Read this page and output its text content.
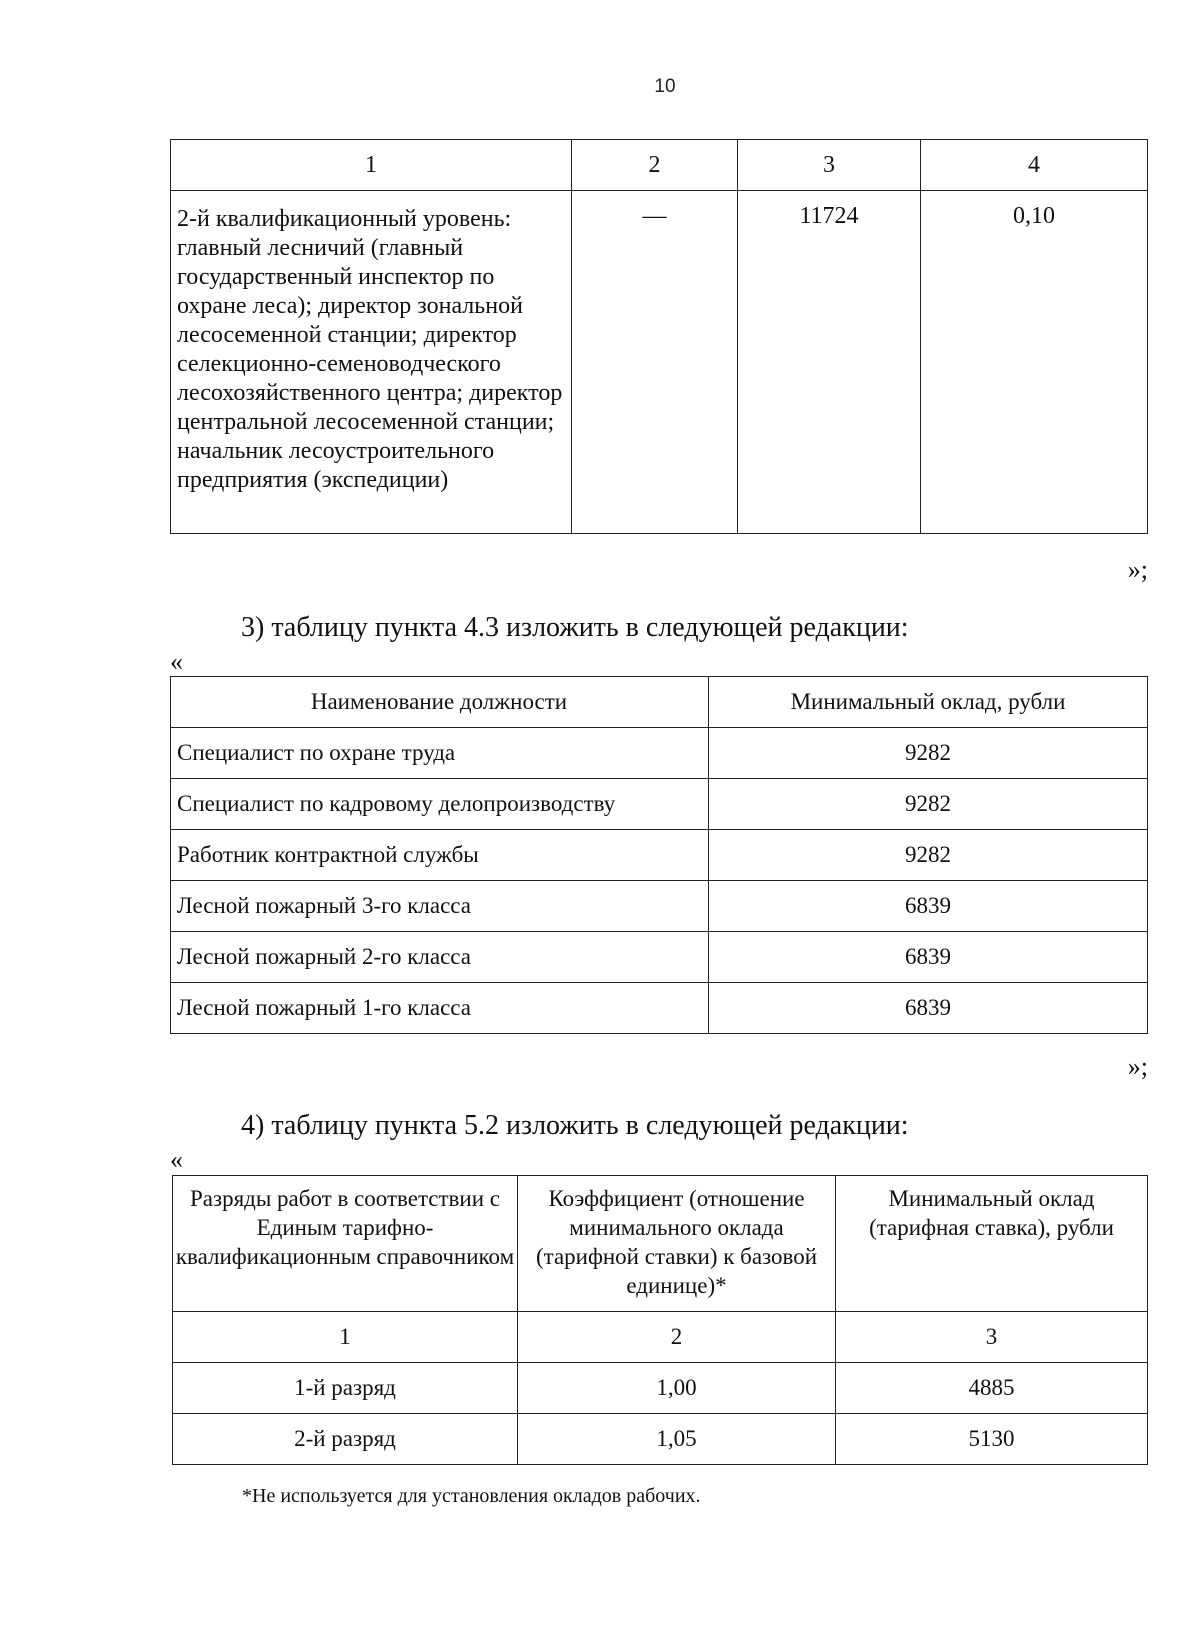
10
1	2	3	4
2-й квалификационный уровень: главный лесничий (главный государственный инспектор по охране леса); директор зональной лесосеменной станции; директор селекционно-семеноводческого лесохозяйственного центра; директор центральной лесосеменной станции; начальник лесоустроительного предприятия (экспедиции)	—	11724	0,10
»;
3) таблицу пункта 4.3 изложить в следующей редакции:
«
Наименование должности	Минимальный оклад, рубли
Специалист по охране труда	9282
Специалист по кадровому делопроизводству	9282
Работник контрактной службы	9282
Лесной пожарный 3-го класса	6839
Лесной пожарный 2-го класса	6839
Лесной пожарный 1-го класса	6839
»;
4) таблицу пункта 5.2 изложить в следующей редакции:
«
Разряды работ в соответствии с Единым тарифно-квалификационным справочником	Коэффициент (отношение минимального оклада (тарифной ставки) к базовой единице)*	Минимальный оклад (тарифная ставка), рубли
1	2	3
1-й разряд	1,00	4885
2-й разряд	1,05	5130
*Не используется для установления окладов рабочих.
